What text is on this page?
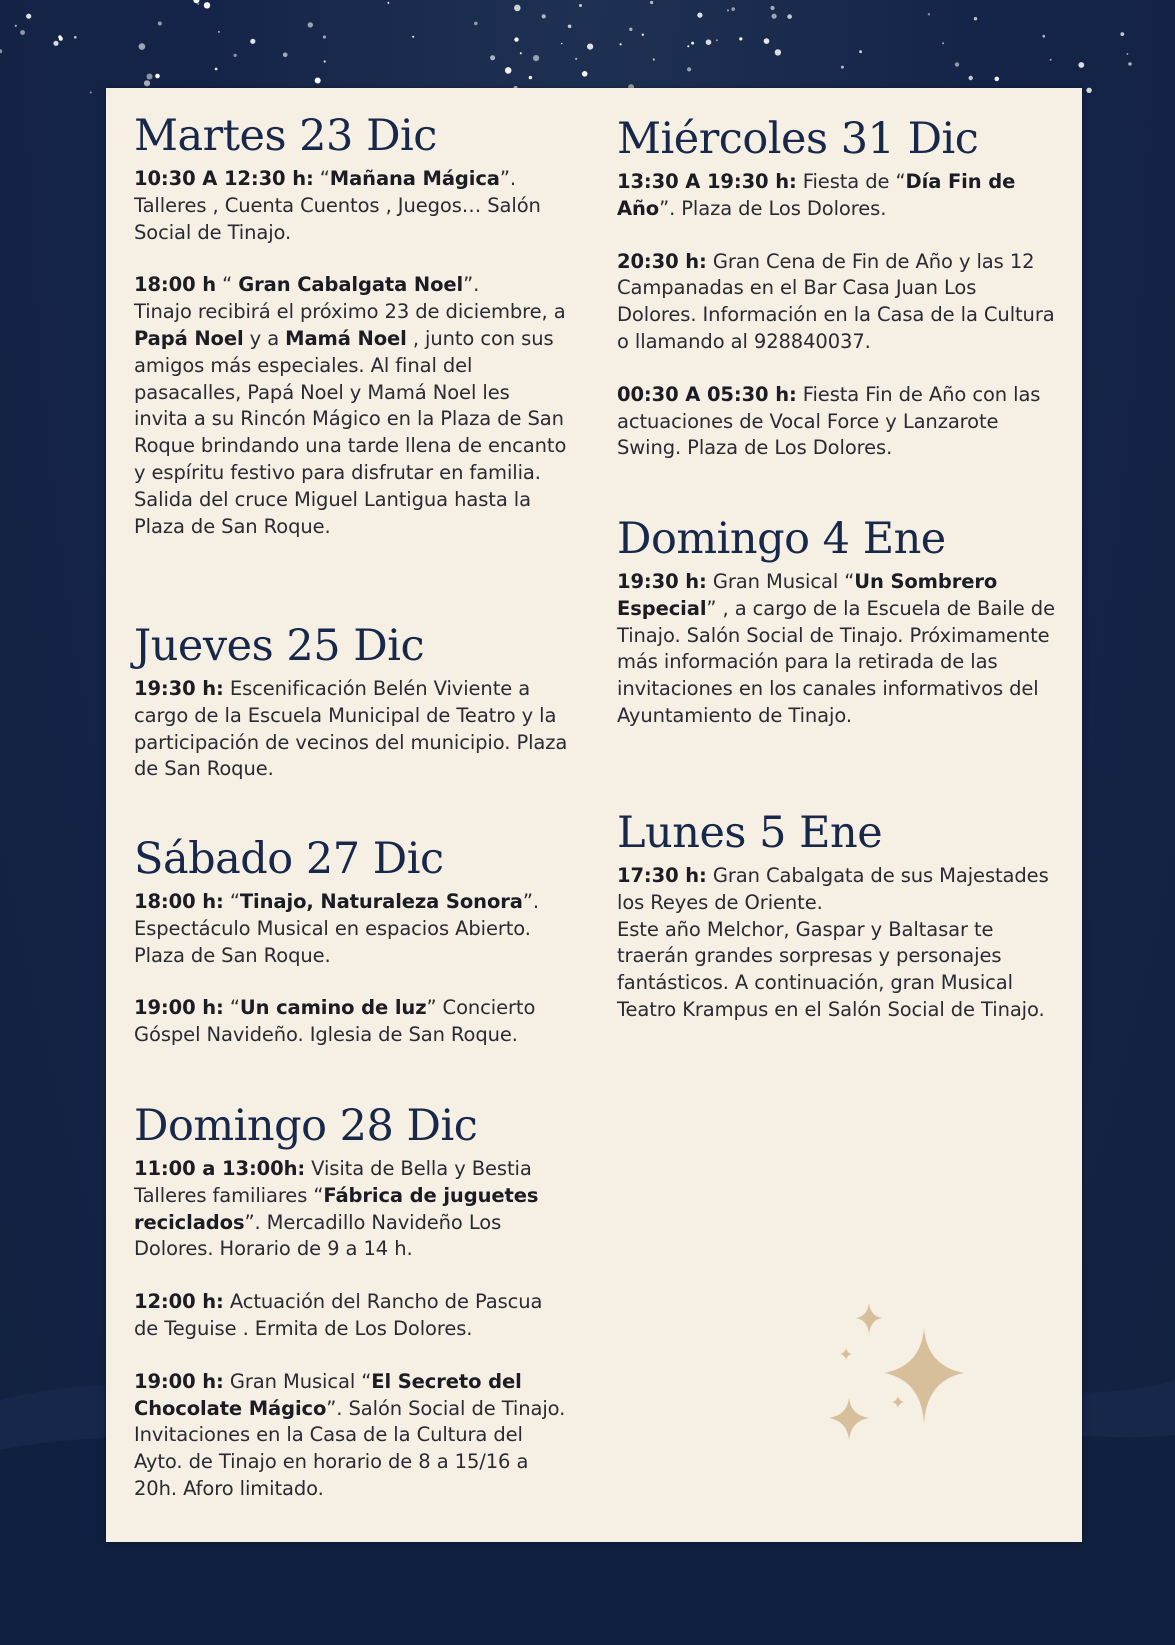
Martes 23 Dic

10:30 A 12:30 h: “Mañana Mágica”. Talleres , Cuenta Cuentos , Juegos… Salón Social de Tinajo.

18:00 h “ Gran Cabalgata Noel”.
Tinajo recibirá el próximo 23 de diciembre, a Papá Noel y a Mamá Noel , junto con sus amigos más especiales. Al final del pasacalles, Papá Noel y Mamá Noel les invita a su Rincón Mágico en la Plaza de San Roque brindando una tarde llena de encanto y espíritu festivo para disfrutar en familia. Salida del cruce Miguel Lantigua hasta la Plaza de San Roque.

Jueves 25 Dic

19:30 h: Escenificación Belén Viviente a cargo de la Escuela Municipal de Teatro y la participación de vecinos del municipio. Plaza de San Roque.

Sábado 27 Dic

18:00 h: “Tinajo, Naturaleza Sonora”. Espectáculo Musical en espacios Abierto. Plaza de San Roque.

19:00 h: “Un camino de luz” Concierto Góspel Navideño. Iglesia de San Roque.

Domingo 28 Dic

11:00 a 13:00h: Visita de Bella y Bestia Talleres familiares “Fábrica de juguetes reciclados”. Mercadillo Navideño Los Dolores. Horario de 9 a 14 h.

12:00 h: Actuación del Rancho de Pascua de Teguise . Ermita de Los Dolores.

19:00 h: Gran Musical “El Secreto del Chocolate Mágico”. Salón Social de Tinajo. Invitaciones en la Casa de la Cultura del Ayto. de Tinajo en horario de 8 a 15/16 a 20h. Aforo limitado.

Miércoles 31 Dic

13:30 A 19:30 h: Fiesta de “Día Fin de Año”. Plaza de Los Dolores.

20:30 h: Gran Cena de Fin de Año y las 12 Campanadas en el Bar Casa Juan Los Dolores. Información en la Casa de la Cultura o llamando al 928840037.

00:30 A 05:30 h: Fiesta Fin de Año con las actuaciones de Vocal Force y Lanzarote Swing. Plaza de Los Dolores.

Domingo 4 Ene

19:30 h: Gran Musical “Un Sombrero Especial” , a cargo de la Escuela de Baile de Tinajo. Salón Social de Tinajo. Próximamente más información para la retirada de las invitaciones en los canales informativos del Ayuntamiento de Tinajo.

Lunes 5 Ene

17:30 h: Gran Cabalgata de sus Majestades los Reyes de Oriente.
Este año Melchor, Gaspar y Baltasar te traerán grandes sorpresas y personajes fantásticos. A continuación, gran Musical Teatro Krampus en el Salón Social de Tinajo.
